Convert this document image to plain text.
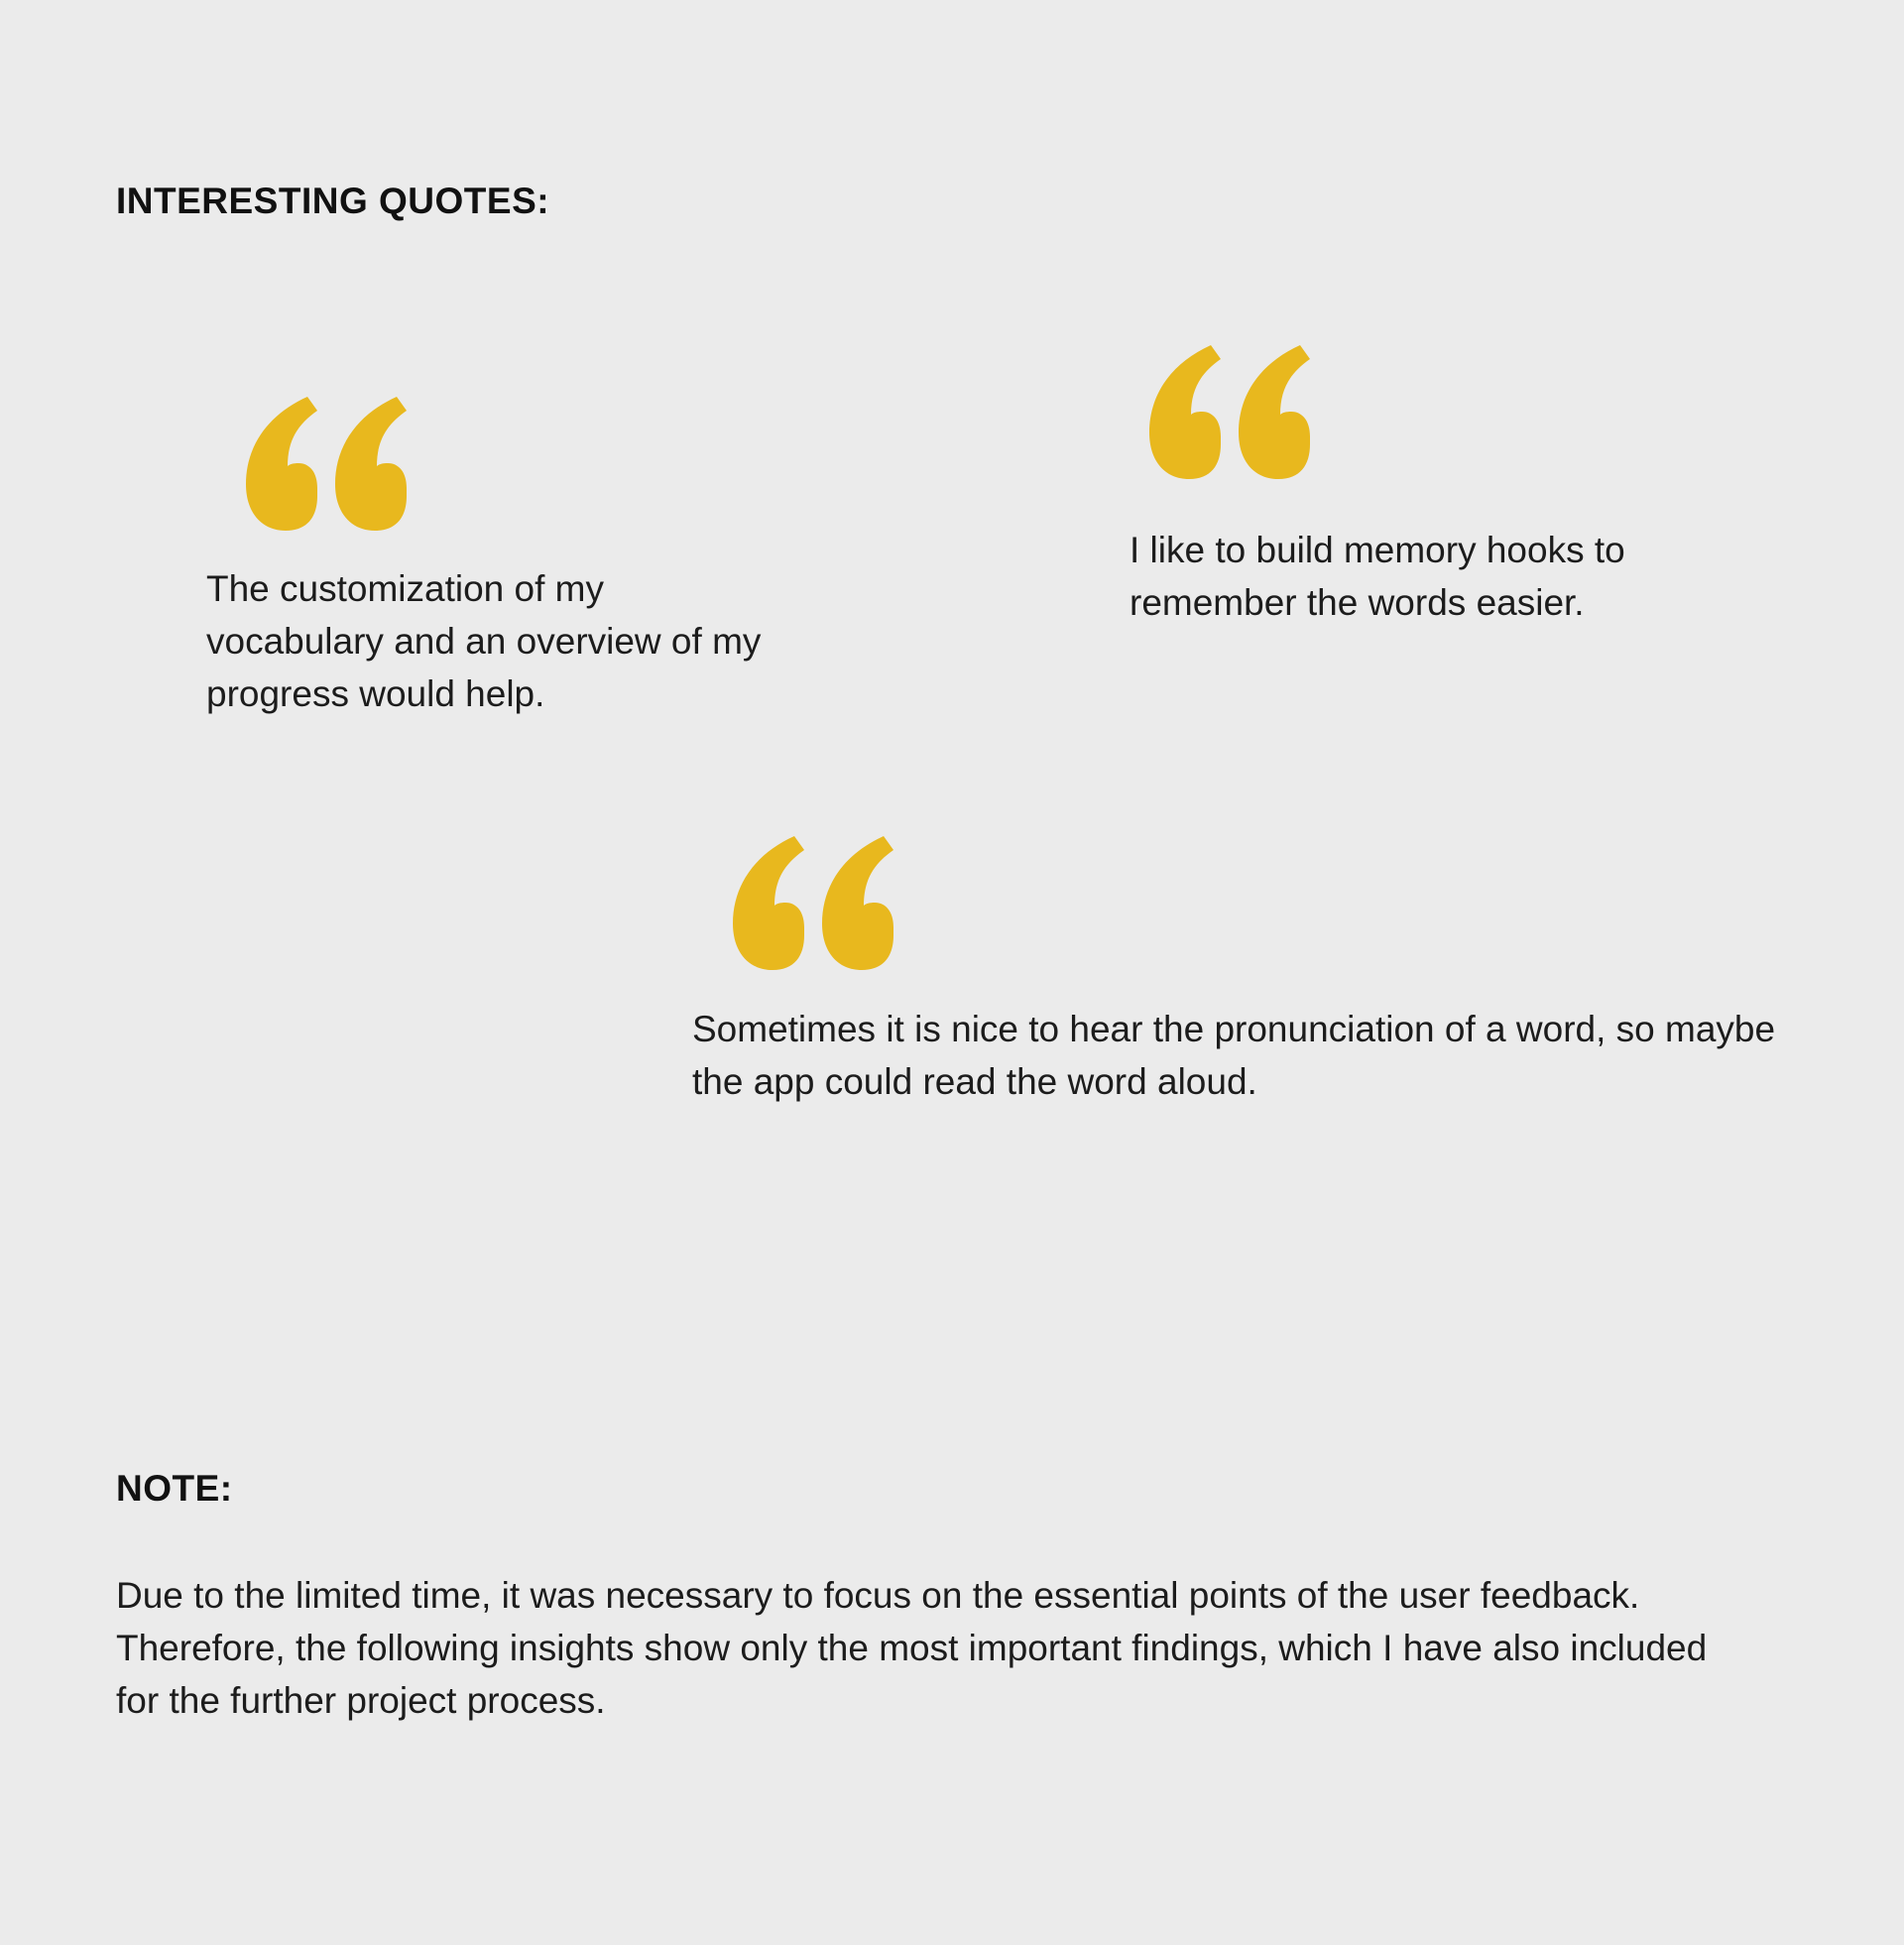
INTERESTING QUOTES:

The customization of my vocabulary and an overview of my progress would help.

I like to build memory hooks to remember the words easier.

Sometimes it is nice to hear the pronunciation of a word, so maybe the app could read the word aloud.

NOTE:

Due to the limited time, it was necessary to focus on the essential points of the user feedback. Therefore, the following insights show only the most important findings, which I have also included for the further project process.
